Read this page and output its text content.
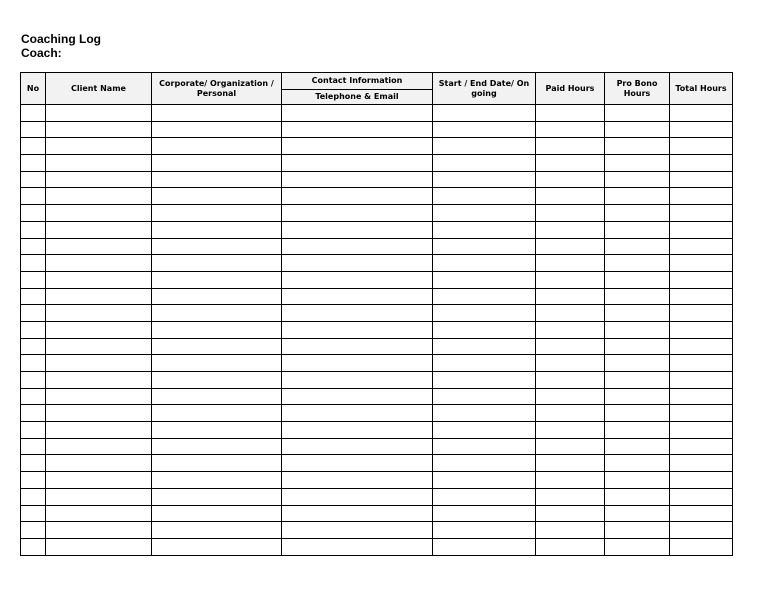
Coaching Log
Coach:
No	Client Name	Corporate/ Organization / Personal	Contact Information	Start / End Date/ On going	Paid Hours	Pro Bono Hours	Total Hours
			Telephone & Email				
